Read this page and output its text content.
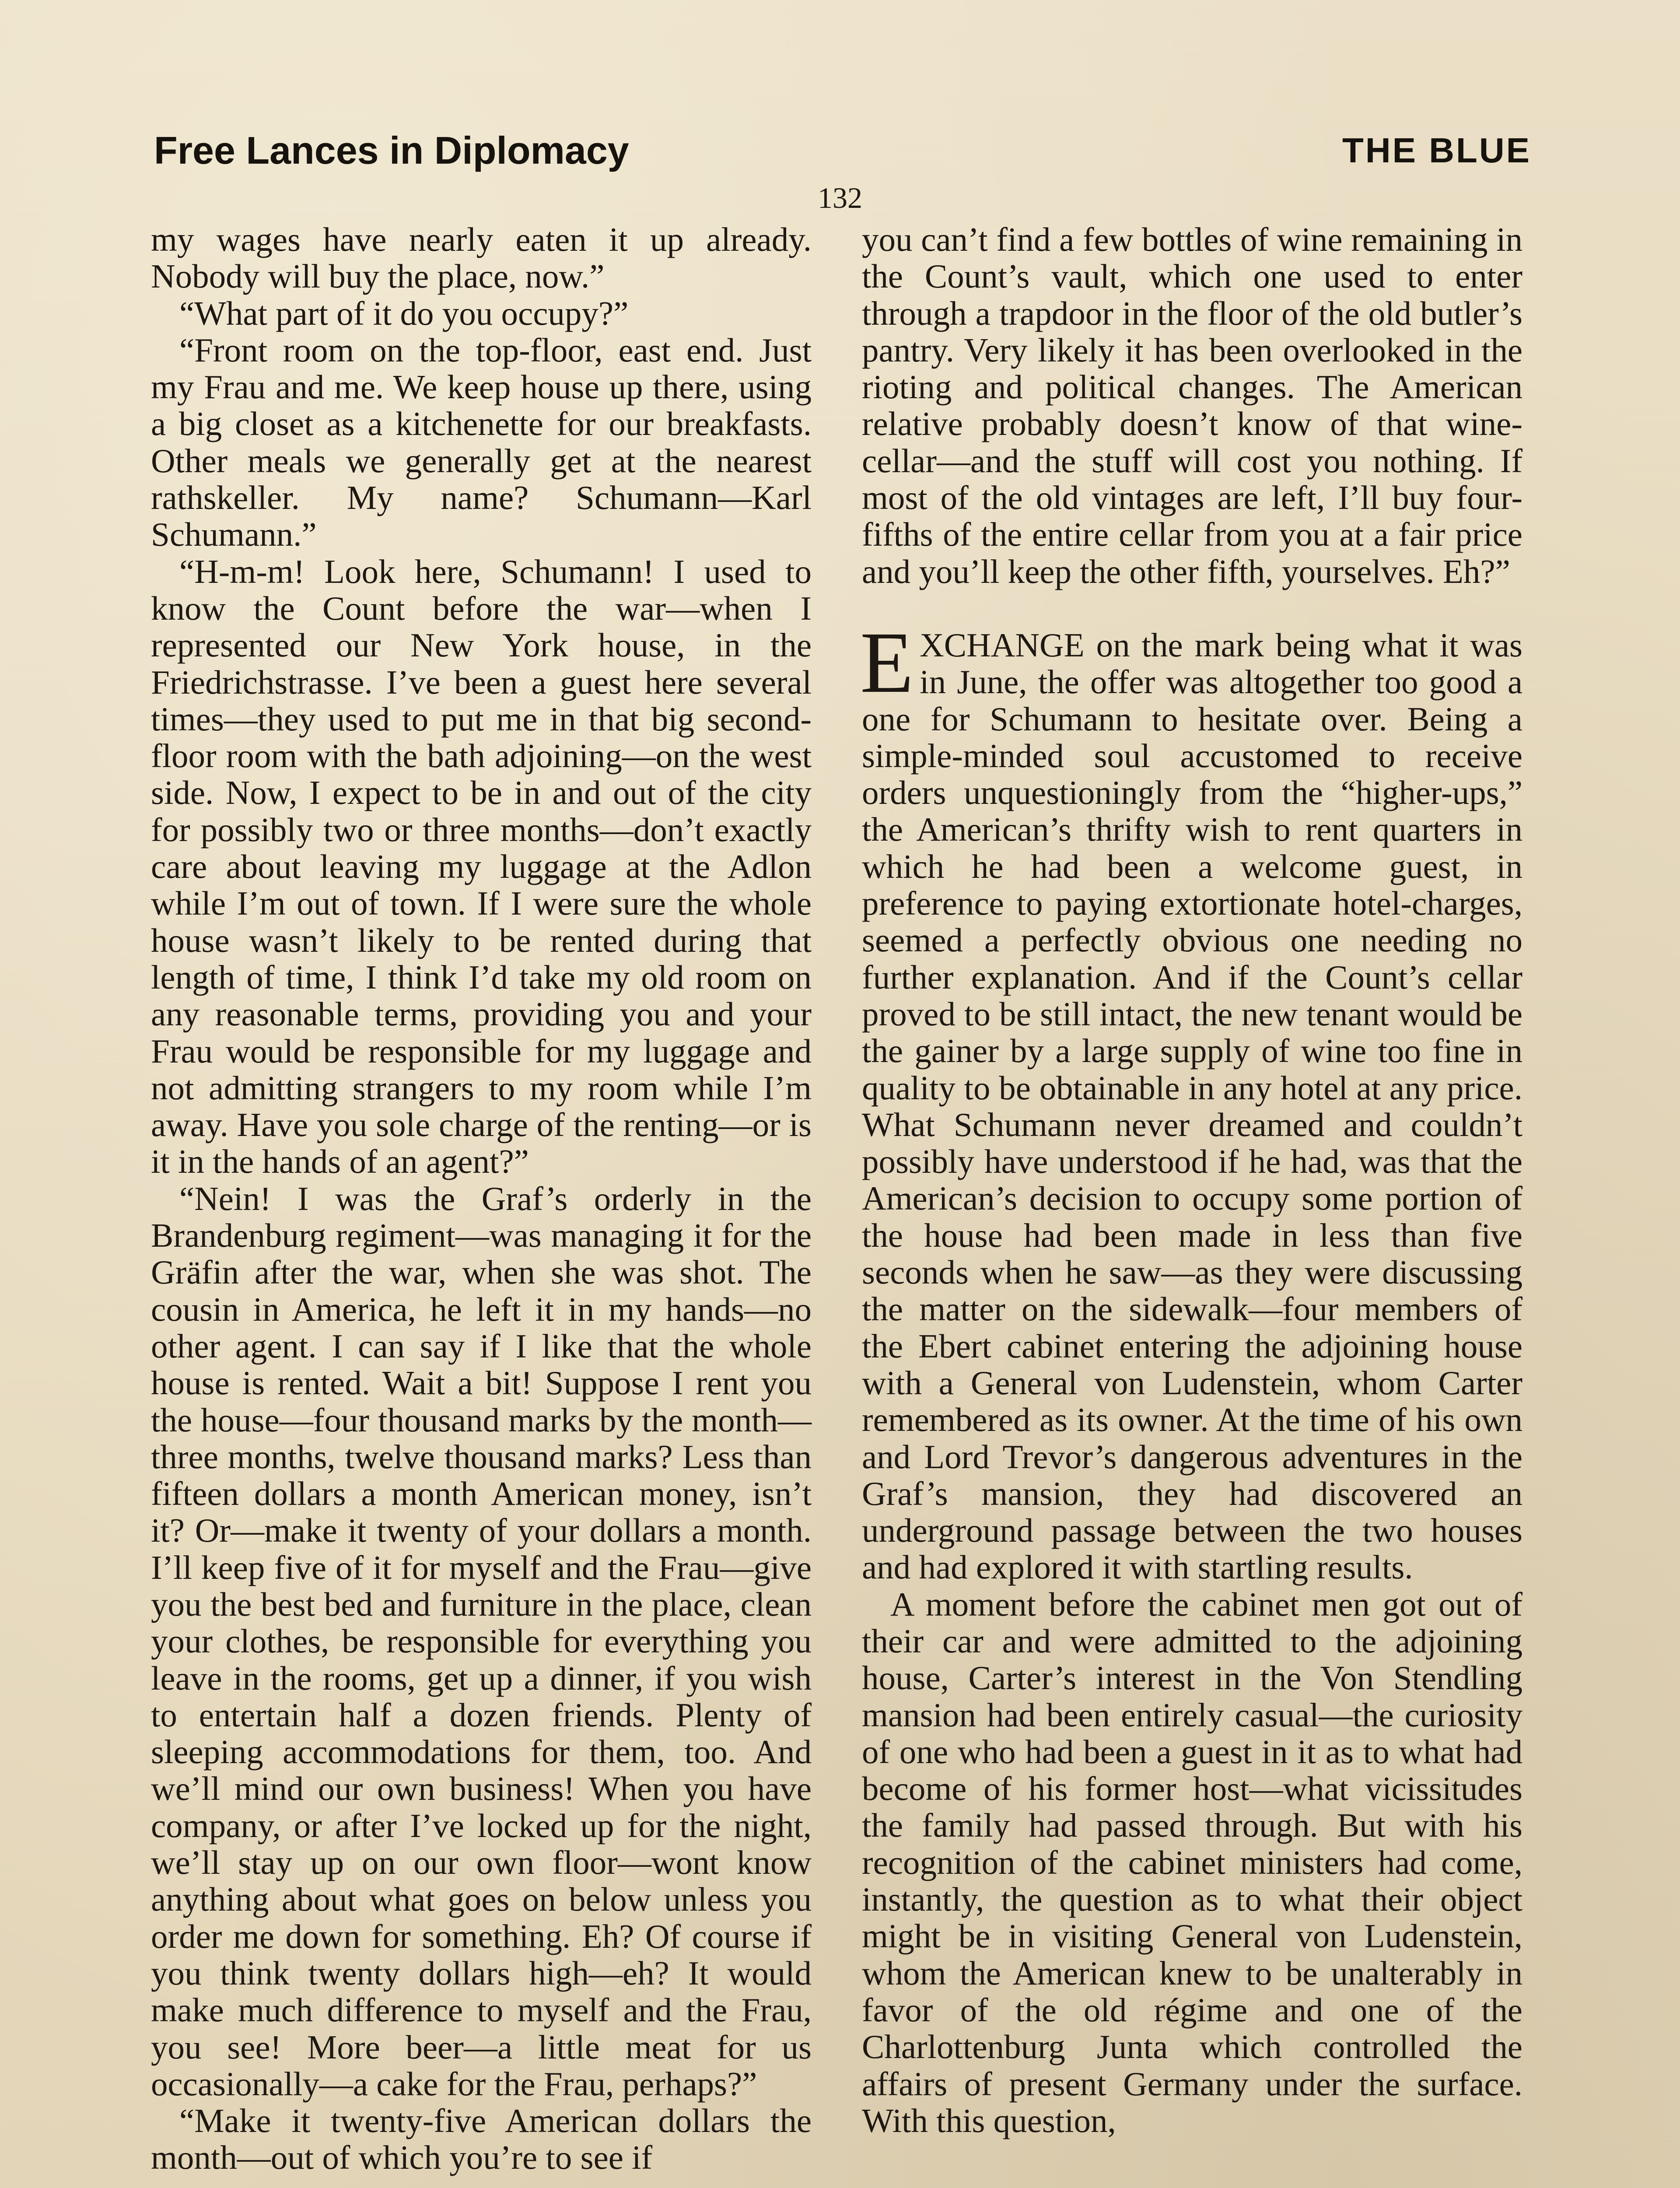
Free Lances in Diplomacy	THE BLUE
132

my wages have nearly eaten it up already. Nobody will buy the place, now.”

“What part of it do you occupy?”

“Front room on the top-floor, east end. Just my Frau and me. We keep house up there, using a big closet as a kitchenette for our breakfasts. Other meals we generally get at the nearest rathskeller. My name? Schumann—Karl Schumann.”

“H-m-m! Look here, Schumann! I used to know the Count before the war—when I represented our New York house, in the Friedrichstrasse. I’ve been a guest here several times—they used to put me in that big second-floor room with the bath adjoining—on the west side. Now, I expect to be in and out of the city for possibly two or three months—don’t exactly care about leaving my luggage at the Adlon while I’m out of town. If I were sure the whole house wasn’t likely to be rented during that length of time, I think I’d take my old room on any reasonable terms, providing you and your Frau would be responsible for my luggage and not admitting strangers to my room while I’m away. Have you sole charge of the renting—or is it in the hands of an agent?”

“Nein! I was the Graf’s orderly in the Brandenburg regiment—was managing it for the Gräfin after the war, when she was shot. The cousin in America, he left it in my hands—no other agent. I can say if I like that the whole house is rented. Wait a bit! Suppose I rent you the house—four thousand marks by the month—three months, twelve thousand marks? Less than fifteen dollars a month American money, isn’t it? Or—make it twenty of your dollars a month. I’ll keep five of it for myself and the Frau—give you the best bed and furniture in the place, clean your clothes, be responsible for everything you leave in the rooms, get up a dinner, if you wish to entertain half a dozen friends. Plenty of sleeping accommodations for them, too. And we’ll mind our own business! When you have company, or after I’ve locked up for the night, we’ll stay up on our own floor—wont know anything about what goes on below unless you order me down for something. Eh? Of course if you think twenty dollars high—eh? It would make much difference to myself and the Frau, you see! More beer—a little meat for us occasionally—a cake for the Frau, perhaps?”

“Make it twenty-five American dollars the month—out of which you’re to see if

you can’t find a few bottles of wine remaining in the Count’s vault, which one used to enter through a trapdoor in the floor of the old butler’s pantry. Very likely it has been overlooked in the rioting and political changes. The American relative probably doesn’t know of that wine-cellar—and the stuff will cost you nothing. If most of the old vintages are left, I’ll buy four-fifths of the entire cellar from you at a fair price and you’ll keep the other fifth, yourselves. Eh?”

EXCHANGE on the mark being what it was in June, the offer was altogether too good a one for Schumann to hesitate over. Being a simple-minded soul accustomed to receive orders unquestioningly from the “higher-ups,” the American’s thrifty wish to rent quarters in which he had been a welcome guest, in preference to paying extortionate hotel-charges, seemed a perfectly obvious one needing no further explanation. And if the Count’s cellar proved to be still intact, the new tenant would be the gainer by a large supply of wine too fine in quality to be obtainable in any hotel at any price. What Schumann never dreamed and couldn’t possibly have understood if he had, was that the American’s decision to occupy some portion of the house had been made in less than five seconds when he saw—as they were discussing the matter on the sidewalk—four members of the Ebert cabinet entering the adjoining house with a General von Ludenstein, whom Carter remembered as its owner. At the time of his own and Lord Trevor’s dangerous adventures in the Graf’s mansion, they had discovered an underground passage between the two houses and had explored it with startling results.

A moment before the cabinet men got out of their car and were admitted to the adjoining house, Carter’s interest in the Von Stendling mansion had been entirely casual—the curiosity of one who had been a guest in it as to what had become of his former host—what vicissitudes the family had passed through. But with his recognition of the cabinet ministers had come, instantly, the question as to what their object might be in visiting General von Ludenstein, whom the American knew to be unalterably in favor of the old régime and one of the Charlottenburg Junta which controlled the affairs of present Germany under the surface. With this question,
